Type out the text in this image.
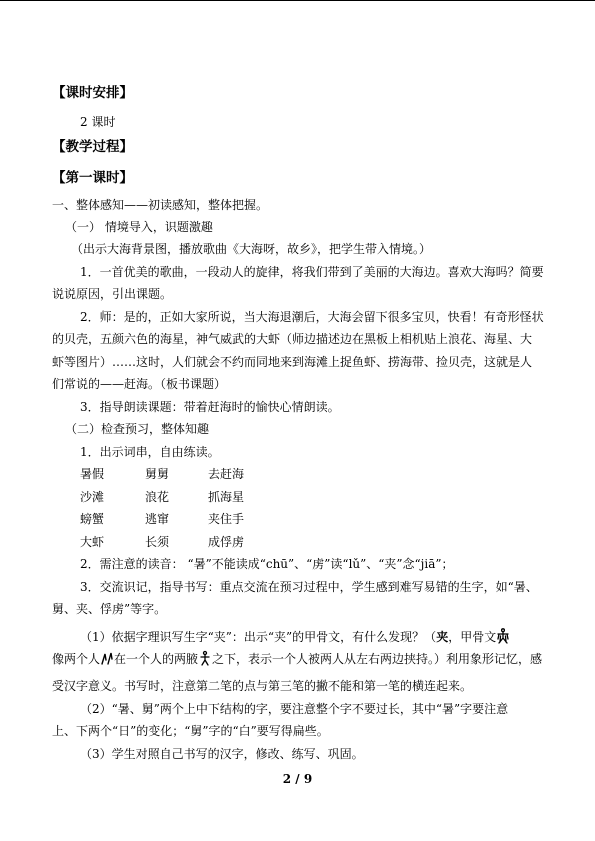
【课时安排】
2 课时
【教学过程】
【第一课时】
一、整体感知——初读感知，整体把握。
（一） 情境导入，识题激趣
（出示大海背景图，播放歌曲《大海呀，故乡》，把学生带入情境。）
1．一首优美的歌曲，一段动人的旋律，将我们带到了美丽的大海边。喜欢大海吗？简要
说说原因，引出课题。
2．师：是的，正如大家所说，当大海退潮后，大海会留下很多宝贝，快看！有奇形怪状
的贝壳，五颜六色的海星，神气威武的大虾（师边描述边在黑板上相机贴上浪花、海星、大
虾等图片）……这时，人们就会不约而同地来到海滩上捉鱼虾、捞海带、捡贝壳，这就是人
们常说的——赶海。（板书课题）
3．指导朗读课题：带着赶海时的愉快心情朗读。
（二）检查预习，整体知趣
1．出示词串，自由练读。
暑假	舅舅	去赶海
沙滩	浪花	抓海星
螃蟹	逃窜	夹住手
大虾	长须	成俘虏
2．需注意的读音： “暑”不能读成“chū”、“虏”读“lǔ”、“夹”念“jiā”；
3．交流识记，指导书写：重点交流在预习过程中，学生感到难写易错的生字，如“暑、
舅、夹、俘虏”等字。
（1）依据字理识写生字“夹”：出示“夹”的甲骨文，有什么发现？（夹，甲骨文
像两个人 在一个人的两腋 之下，表示一个人被两人从左右两边挟持。）利用象形记忆，感
受汉字意义。书写时，注意第二笔的点与第三笔的撇不能和第一笔的横连起来。
（2）“暑、舅”两个上中下结构的字，要注意整个字不要过长，其中“暑”字要注意
上、下两个“日”的变化；“舅”字的“白”要写得扁些。
（3）学生对照自己书写的汉字，修改、练写、巩固。
2 / 9
